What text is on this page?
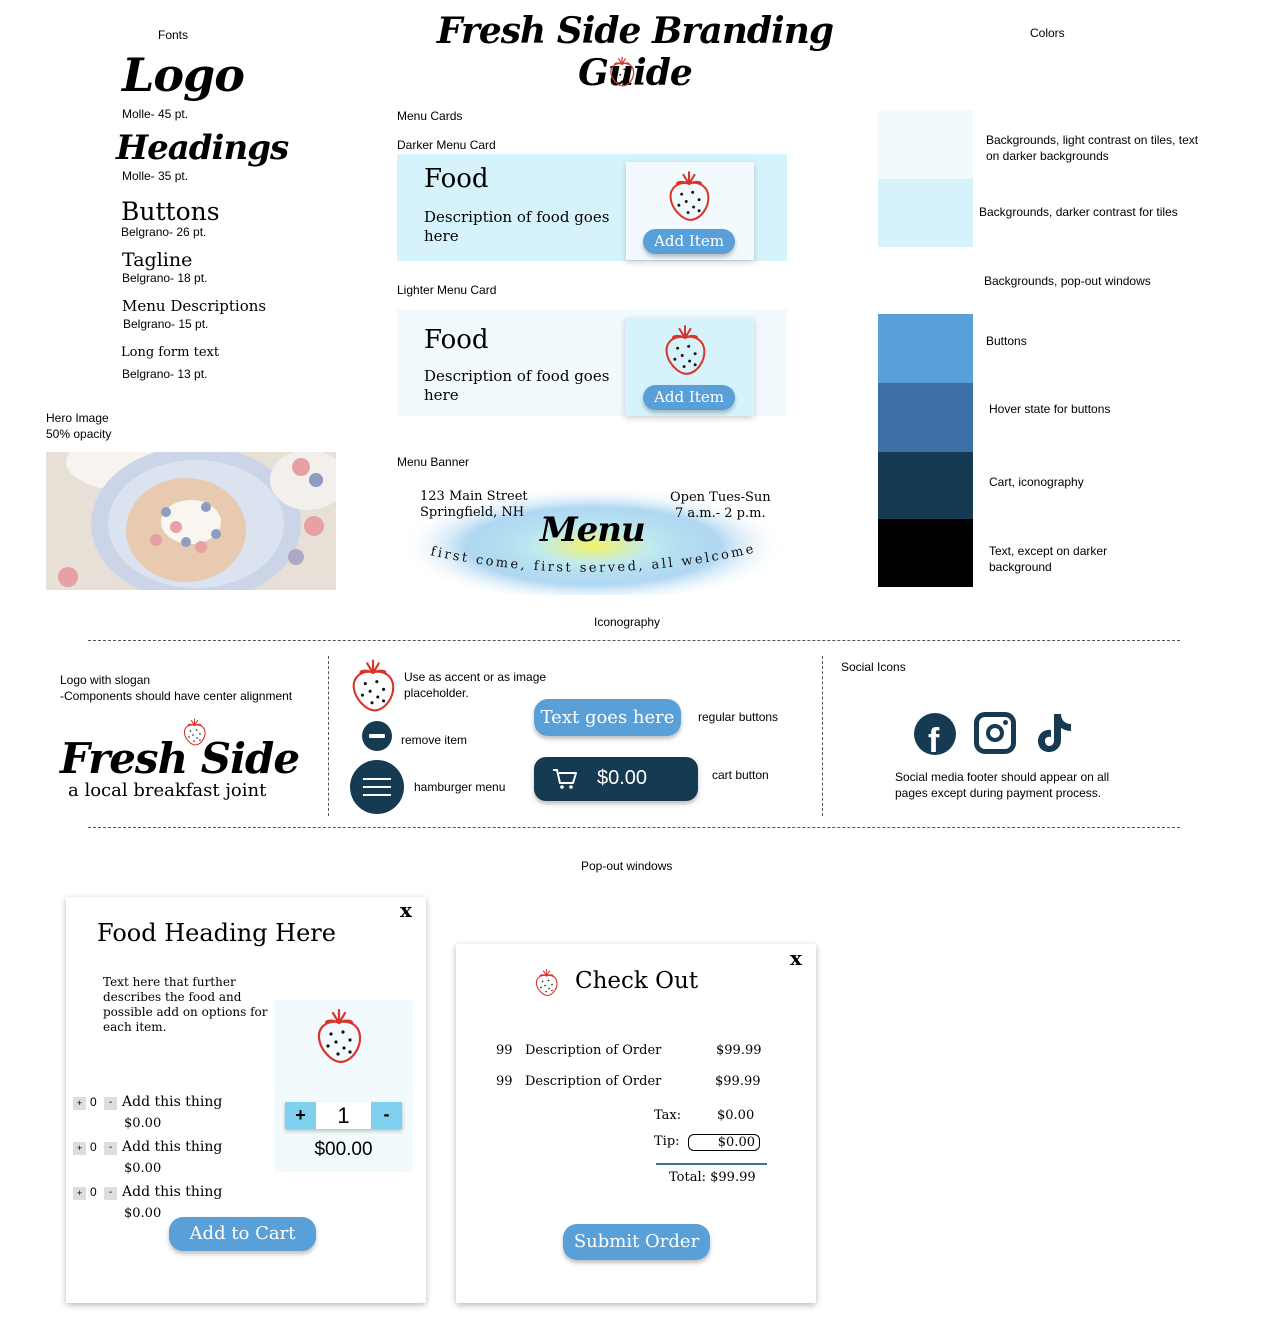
Fresh Side Branding Guide
Fonts
Logo
Molle- 45 pt.
Headings
Molle- 35 pt.
Buttons
Belgrano- 26 pt.
Tagline
Belgrano- 18 pt.
Menu Descriptions
Belgrano- 15 pt.
Long form text
Belgrano- 13 pt.
Hero Image
50% opacity
Menu Cards
Darker Menu Card
Food
Description of food goes
here	Add Item
Lighter Menu Card
Food
Description of food goes
here	Add Item
Menu Banner
123 Main Street
Springfield, NH
Open Tues-Sun
7 a.m.- 2 p.m.
Menu
first come, first served, all welcome
Colors
Backgrounds, light contrast on tiles, text on darker backgrounds
Backgrounds, darker contrast for tiles
Backgrounds, pop-out windows
Buttons
Hover state for buttons
Cart, iconography
Text, except on darker background
Iconography
Logo with slogan
-Components should have center alignment
Fresh Side
a local breakfast joint
Use as accent or as image
placeholder.
remove item
hamburger menu
Text goes here	regular buttons
$0.00	cart button
Social Icons
f
Social media footer should appear on all
pages except during payment process.
Pop-out windows
x
Food Heading Here
Text here that further
describes the food and
possible add on options for
each item.
+	1	-
$00.00
+ 0	- Add this thing
$0.00
+ 0	- Add this thing
$0.00
+ 0	- Add this thing
$0.00
Add to Cart
x
Check Out
99 Description of Order	$99.99
99 Description of Order	$99.99
Tax:	$0.00
Tip:	$0.00
Total: $99.99
Submit Order
